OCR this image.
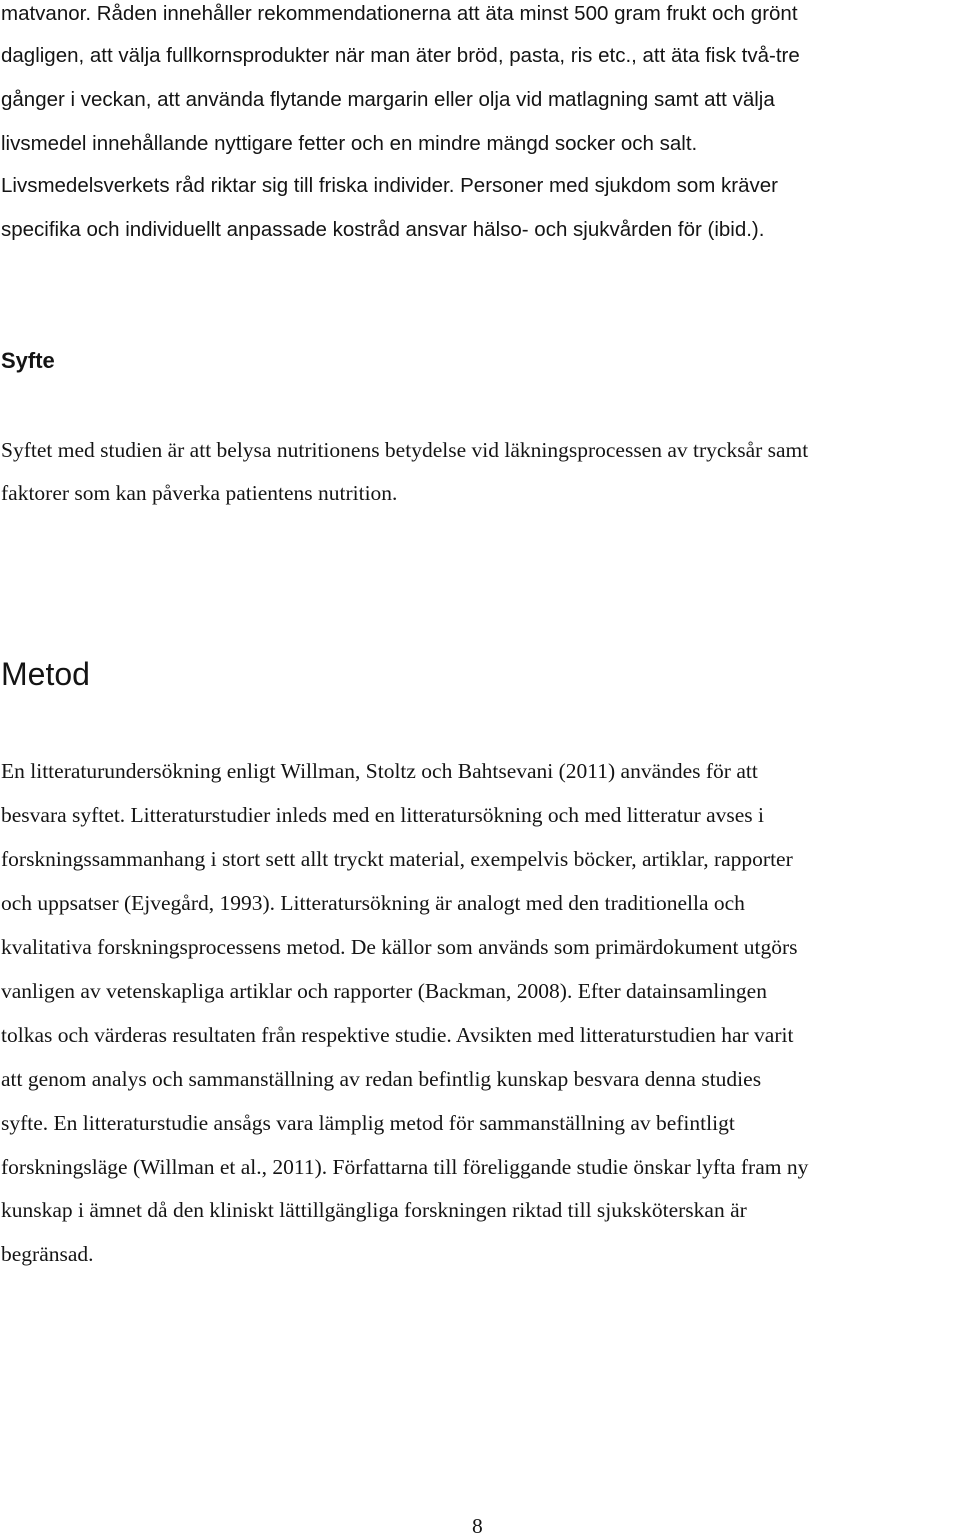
matvanor. Råden innehåller rekommendationerna att äta minst 500 gram frukt och grönt
dagligen, att välja fullkornsprodukter när man äter bröd, pasta, ris etc., att äta fisk två-tre
gånger i veckan, att använda flytande margarin eller olja vid matlagning samt att välja
livsmedel innehållande nyttigare fetter och en mindre mängd socker och salt.
Livsmedelsverkets råd riktar sig till friska individer. Personer med sjukdom som kräver
specifika och individuellt anpassade kostråd ansvar hälso- och sjukvården för (ibid.).
Syfte
Syftet med studien är att belysa nutritionens betydelse vid läkningsprocessen av trycksår samt
faktorer som kan påverka patientens nutrition.
Metod
En litteraturundersökning enligt Willman, Stoltz och Bahtsevani (2011) användes för att
besvara syftet. Litteraturstudier inleds med en litteratursökning och med litteratur avses i
forskningssammanhang i stort sett allt tryckt material, exempelvis böcker, artiklar, rapporter
och uppsatser (Ejvegård, 1993). Litteratursökning är analogt med den traditionella och
kvalitativa forskningsprocessens metod. De källor som används som primärdokument utgörs
vanligen av vetenskapliga artiklar och rapporter (Backman, 2008). Efter datainsamlingen
tolkas och värderas resultaten från respektive studie. Avsikten med litteraturstudien har varit
att genom analys och sammanställning av redan befintlig kunskap besvara denna studies
syfte. En litteraturstudie ansågs vara lämplig metod för sammanställning av befintligt
forskningsläge (Willman et al., 2011). Författarna till föreliggande studie önskar lyfta fram ny
kunskap i ämnet då den kliniskt lättillgängliga forskningen riktad till sjuksköterskan är
begränsad.
8
